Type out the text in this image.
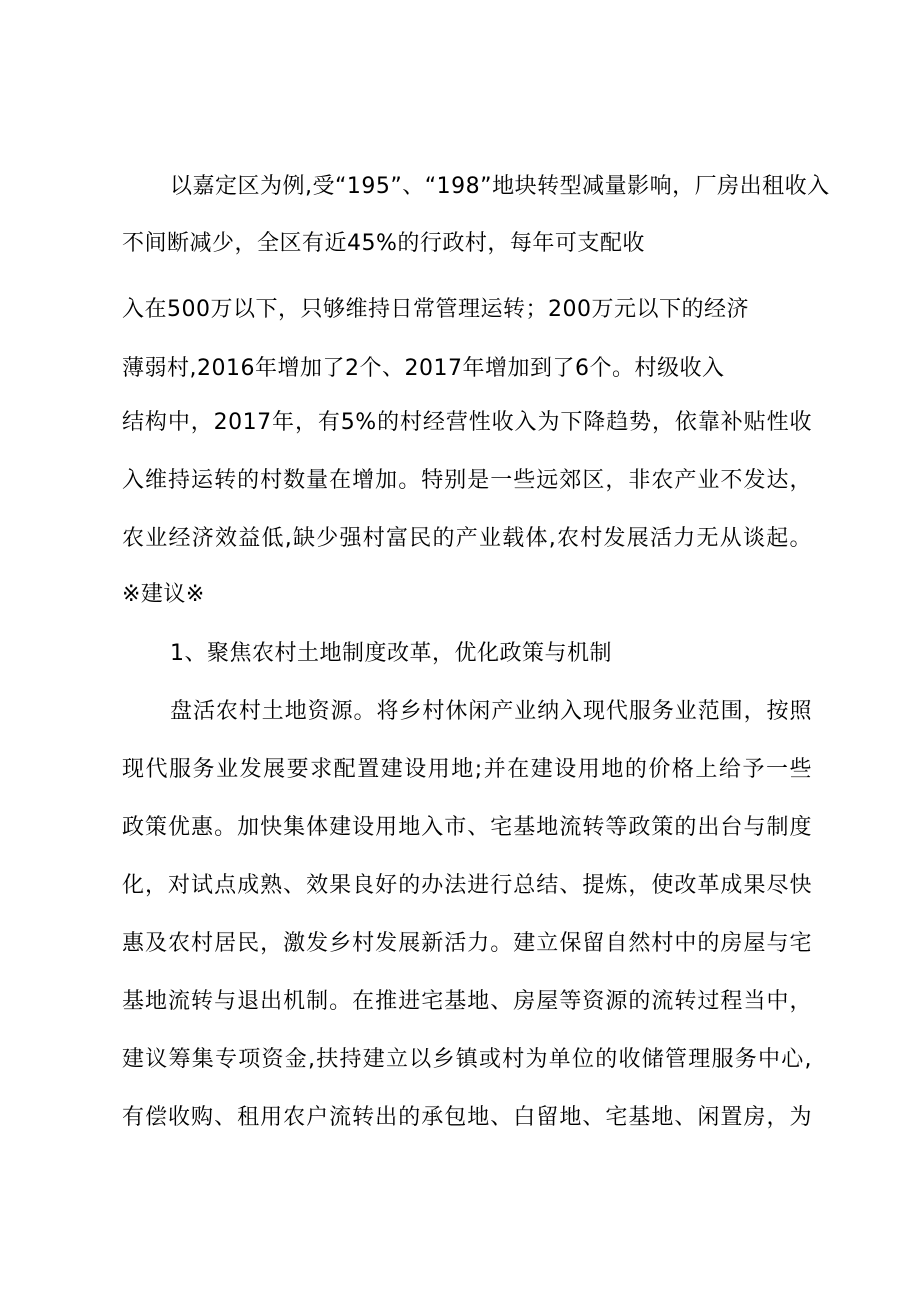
以嘉定区为例,受“195”、“198”地块转型减量影响，厂房出租收入
不间断减少，全区有近45%的行政村，每年可支配收
入在500万以下，只够维持日常管理运转；200万元以下的经济
薄弱村,2016年增加了2个、2017年增加到了6个。村级收入
结构中，2017年，有5%的村经营性收入为下降趋势，依靠补贴性收
入维持运转的村数量在增加。特别是一些远郊区，非农产业不发达，
农业经济效益低,缺少强村富民的产业载体,农村发展活力无从谈起。
※建议※
1、聚焦农村土地制度改革，优化政策与机制
盘活农村土地资源。将乡村休闲产业纳入现代服务业范围，按照
现代服务业发展要求配置建设用地;并在建设用地的价格上给予一些
政策优惠。加快集体建设用地入市、宅基地流转等政策的出台与制度
化，对试点成熟、效果良好的办法进行总结、提炼，使改革成果尽快
惠及农村居民，激发乡村发展新活力。建立保留自然村中的房屋与宅
基地流转与退出机制。在推进宅基地、房屋等资源的流转过程当中，
建议筹集专项资金,扶持建立以乡镇或村为单位的收储管理服务中心,
有偿收购、租用农户流转出的承包地、白留地、宅基地、闲置房，为
